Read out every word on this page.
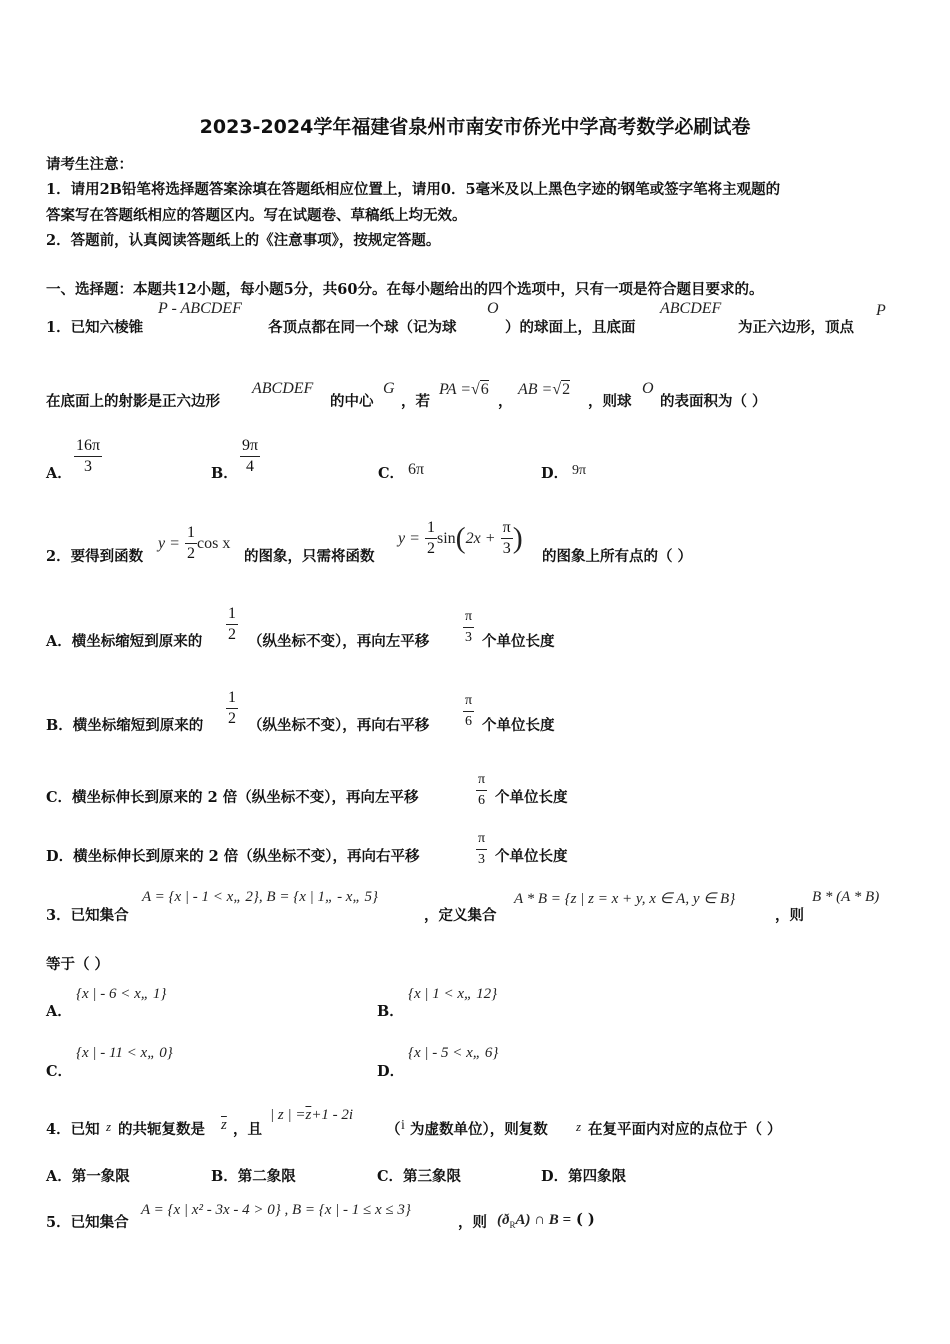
2023-2024学年福建省泉州市南安市侨光中学高考数学必刷试卷
请考生注意：
1．请用2B铅笔将选择题答案涂填在答题纸相应位置上，请用0．5毫米及以上黑色字迹的钢笔或签字笔将主观题的
答案写在答题纸相应的答题区内。写在试题卷、草稿纸上均无效。
2．答题前，认真阅读答题纸上的《注意事项》，按规定答题。
一、选择题：本题共12小题，每小题5分，共60分。在每小题给出的四个选项中，只有一项是符合题目要求的。
1．已知六棱锥
P - ABCDEF
各顶点都在同一个球（记为球
O
）的球面上，且底面
ABCDEF
为正六边形，顶点
P
在底面上的射影是正六边形
ABCDEF
的中心
G
，若
PA =√6
，
AB =√2
，则球
O
的表面积为（ ）
A． $\frac{16\pi}{3}$	B． $\frac{9\pi}{4}$	C． 6π	D． 9π
2．要得到函数
$y = \frac{1}{2}$ cos x
的图象，只需将函数
$y = \frac{1}{2} \sin(2x + \frac{\pi}{3}$ )
的图象上所有点的（ ）
A．横坐标缩短到原来的 $\frac{1}{2}$ （纵坐标不变），再向左平移 $\frac{\pi}{3}$ 个单位长度
B．横坐标缩短到原来的 $\frac{1}{2}$ （纵坐标不变），再向右平移 $\frac{\pi}{6}$ 个单位长度
C．横坐标伸长到原来的 2 倍（纵坐标不变），再向左平移	$\frac{\pi}{6}$ 个单位长度
D．横坐标伸长到原来的 2 倍（纵坐标不变），再向右平移	$\frac{\pi}{3}$ 个单位长度
3．已知集合
A = {x | - 1 < x„ 2}, B = {x | 1„ - x„ 5}
，定义集合
A * B = {z | z = x + y, x ∈ A, y ∈ B}
，则
B * (A * B)
等于（ ）
A．
{x | - 6 < x„ 1}
B．
{x | 1 < x„ 12}
C．
{x | - 11 < x„ 0}
D．
{x | - 5 < x„ 6}
4．已知 z 的共轭复数是 $\overline{z}$ ，且
| z | $=\overline{z}+1 - 2i$
（ i 为虚数单位），则复数 z 在复平面内对应的点位于（ ）
A．第一象限	B．第二象限	C．第三象限	D．第四象限
5．已知集合
A = {x | x² - 3x - 4 > 0} , B = {x | - 1 ≤ x ≤ 3}
，则 $(ð_RA)$ ∩ B = ( )
